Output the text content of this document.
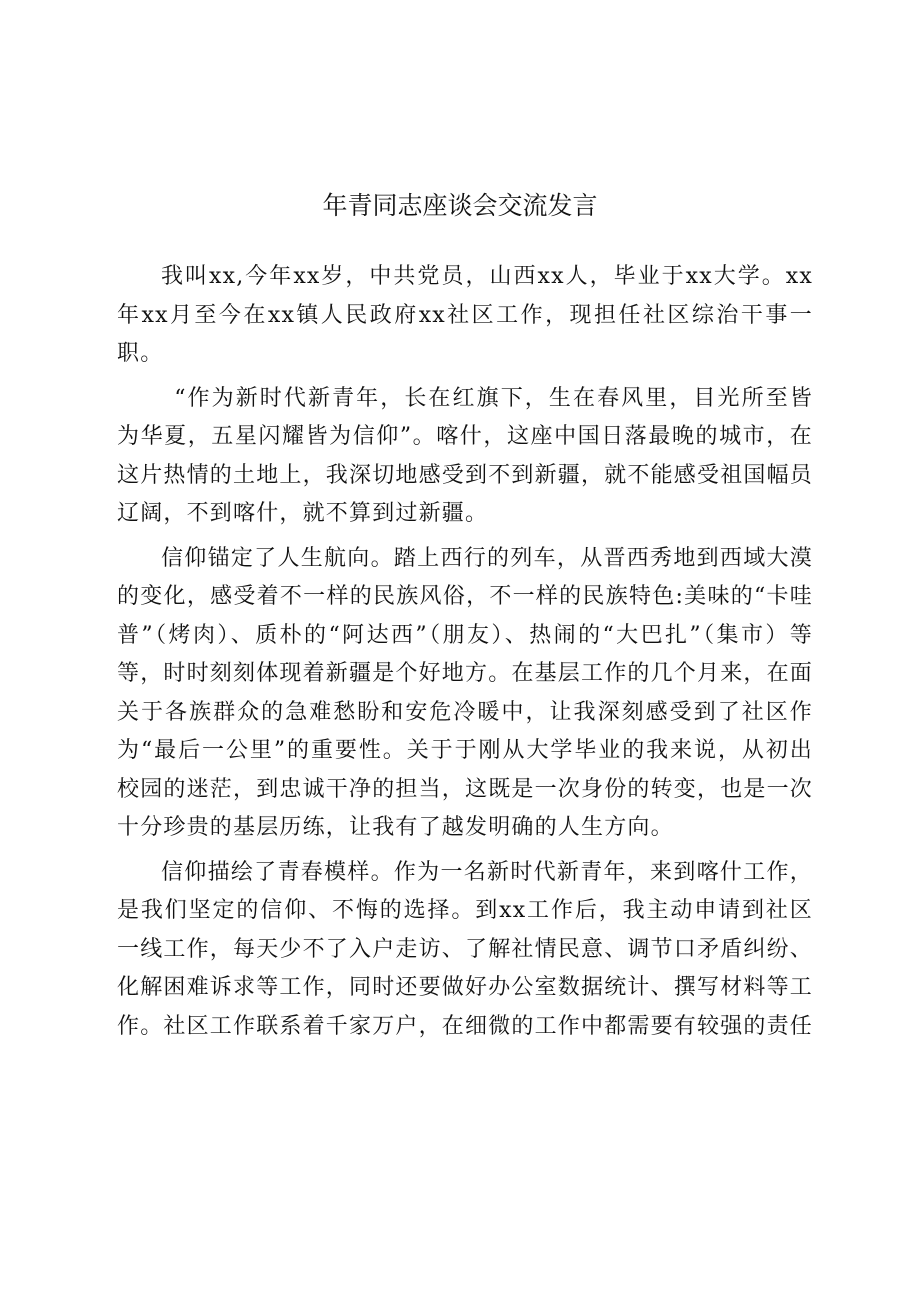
年青同志座谈会交流发言

我叫xx,今年xx岁，中共党员，山西xx人，毕业于xx大学。xx年xx月至今在xx镇人民政府xx社区工作，现担任社区综治干事一职。

“作为新时代新青年，长在红旗下，生在春风里，目光所至皆为华夏，五星闪耀皆为信仰”。喀什，这座中国日落最晚的城市，在这片热情的土地上，我深切地感受到不到新疆，就不能感受祖国幅员辽阔，不到喀什，就不算到过新疆。

信仰锚定了人生航向。踏上西行的列车，从晋西秀地到西域大漠的变化，感受着不一样的民族风俗，不一样的民族特色:美味的“卡哇普”（烤肉）、质朴的“阿达西”（朋友）、热闹的“大巴扎”（集市）等等，时时刻刻体现着新疆是个好地方。在基层工作的几个月来，在面关于各族群众的急难愁盼和安危冷暖中，让我深刻感受到了社区作为“最后一公里”的重要性。关于于刚从大学毕业的我来说，从初出校园的迷茫，到忠诚干净的担当，这既是一次身份的转变，也是一次十分珍贵的基层历练，让我有了越发明确的人生方向。

信仰描绘了青春模样。作为一名新时代新青年，来到喀什工作，是我们坚定的信仰、不悔的选择。到xx工作后，我主动申请到社区一线工作，每天少不了入户走访、了解社情民意、调节口矛盾纠纷、化解困难诉求等工作，同时还要做好办公室数据统计、撰写材料等工作。社区工作联系着千家万户，在细微的工作中都需要有较强的责任
